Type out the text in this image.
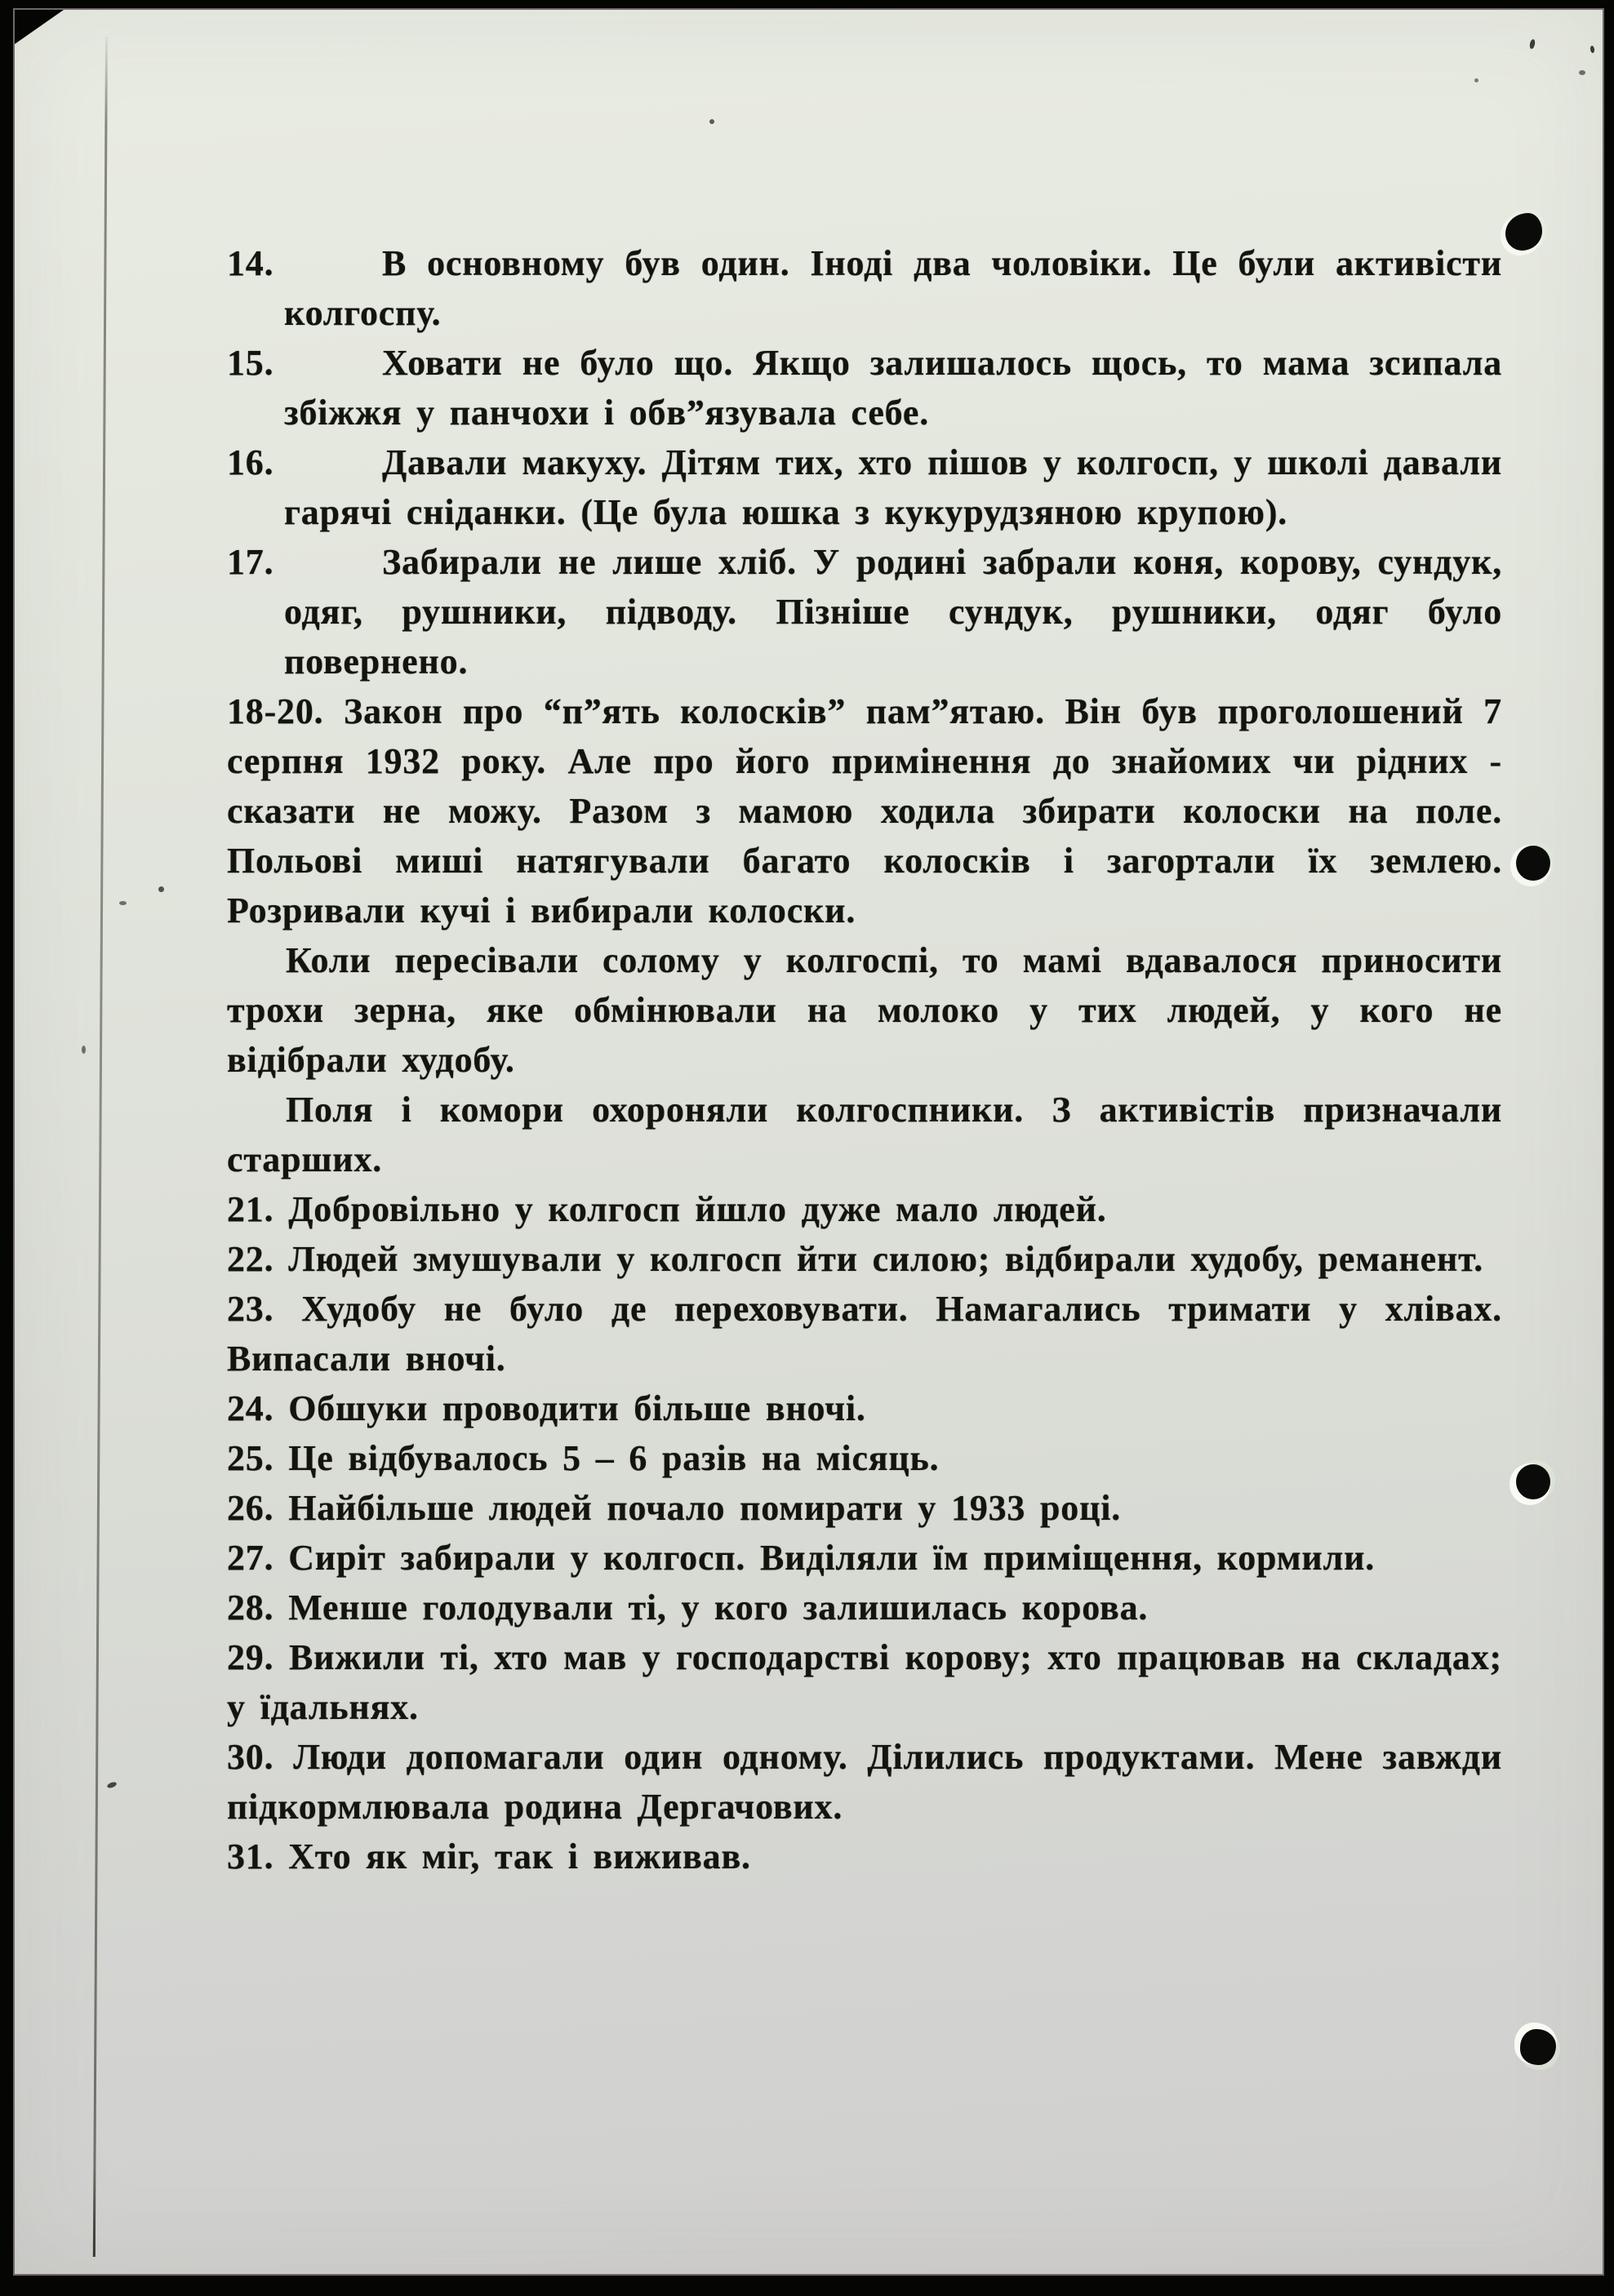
14.	В основному був один. Іноді два чоловіки. Це були активісти колгоспу.
15.	Ховати не було що. Якщо залишалось щось, то мама зсипала збіжжя у панчохи і обв”язувала себе.
16.	Давали макуху. Дітям тих, хто пішов у колгосп, у школі давали гарячі сніданки. (Це була юшка з кукурудзяною крупою).
17.	Забирали не лише хліб. У родині забрали коня, корову, сундук, одяг, рушники, підводу. Пізніше сундук, рушники, одяг було повернено.
18-20. Закон про “п”ять колосків” пам”ятаю. Він був проголошений 7 серпня 1932 року. Але про його примінення до знайомих чи рідних - сказати не можу. Разом з мамою ходила збирати колоски на поле. Польові миші натягували багато колосків і загортали їх землею. Розривали кучі і вибирали колоски.
Коли пересівали солому у колгоспі, то мамі вдавалося приносити трохи зерна, яке обмінювали на молоко у тих людей, у кого не відібрали худобу.
Поля і комори охороняли колгоспники. З активістів призначали старших.
21. Добровільно у колгосп йшло дуже мало людей.
22. Людей змушували у колгосп йти силою; відбирали худобу, реманент.
23. Худобу не було де переховувати. Намагались тримати у хлівах. Випасали вночі.
24. Обшуки проводити більше вночі.
25. Це відбувалось 5 – 6 разів на місяць.
26. Найбільше людей почало помирати у 1933 році.
27. Сиріт забирали у колгосп. Виділяли їм приміщення, кормили.
28. Менше голодували ті, у кого залишилась корова.
29. Вижили ті, хто мав у господарстві корову; хто працював на складах; у їдальнях.
30. Люди допомагали один одному. Ділились продуктами. Мене завжди підкормлювала родина Дергачових.
31. Хто як міг, так і виживав.
